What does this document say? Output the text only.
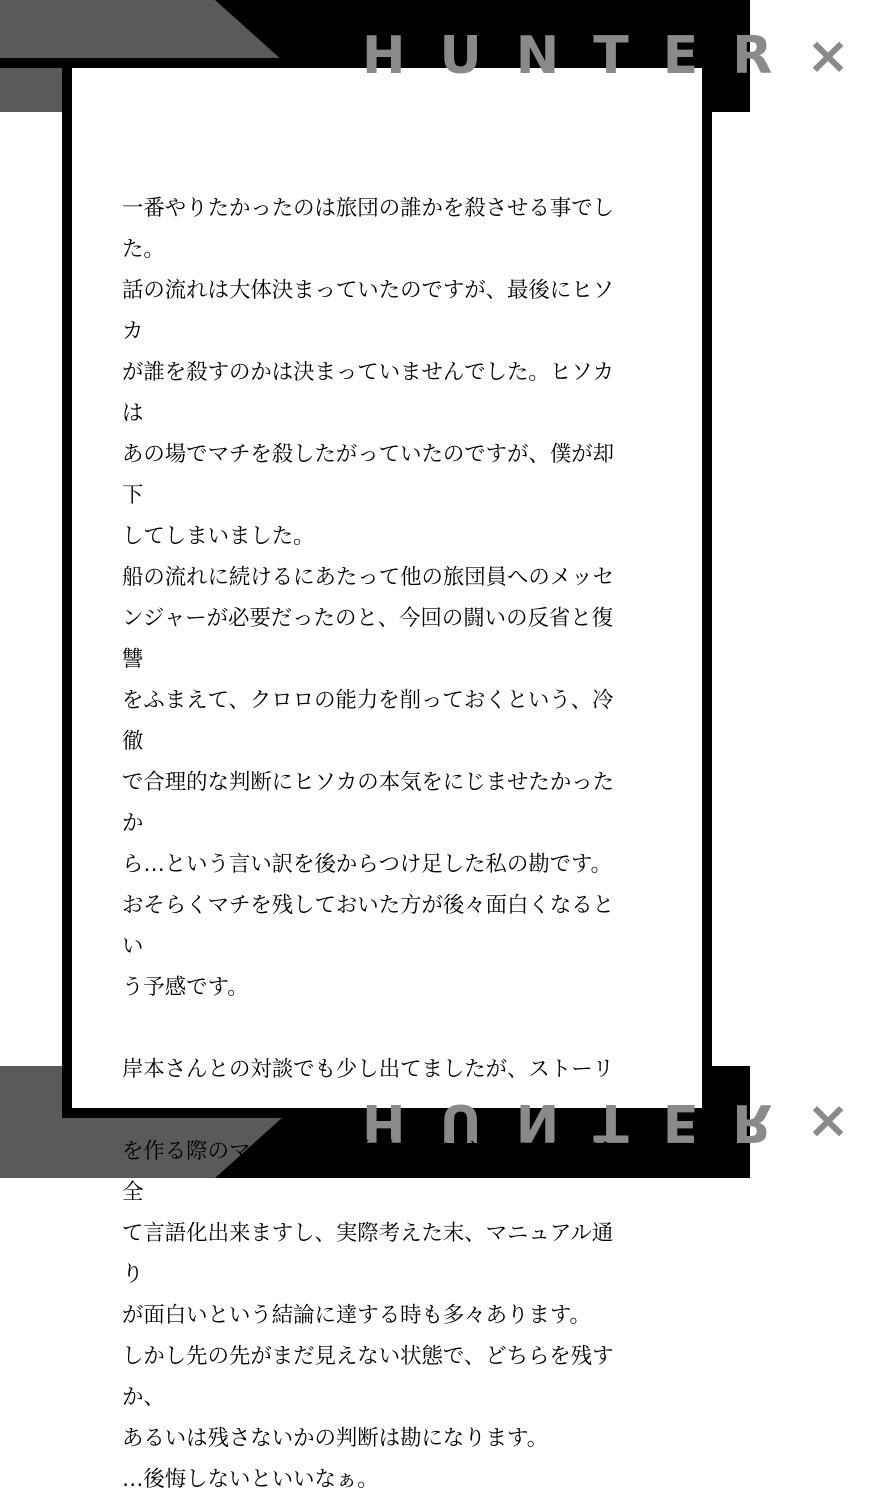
HUNTER×
HUNTER×

一番やりたかったのは旅団の誰かを殺させる事でした。

話の流れは大体決まっていたのですが、最後にヒソカ

が誰を殺すのかは決まっていませんでした。ヒソカは

あの場でマチを殺したがっていたのですが、僕が却下

してしまいました。

船の流れに続けるにあたって他の旅団員へのメッセ

ンジャーが必要だったのと、今回の闘いの反省と復讐

をふまえて、クロロの能力を削っておくという、冷徹

で合理的な判断にヒソカの本気をにじませたかったか

ら…という言い訳を後からつけ足した私の勘です。

おそらくマチを残しておいた方が後々面白くなるとい

う予感です。

岸本さんとの対談でも少し出てましたが、ストーリー

を作る際のマニュアルは自分の中にあって、それは全

て言語化出来ますし、実際考えた末、マニュアル通り

が面白いという結論に達する時も多々あります。

しかし先の先がまだ見えない状態で、どちらを残すか、

あるいは残さないかの判断は勘になります。

…後悔しないといいなぁ。
